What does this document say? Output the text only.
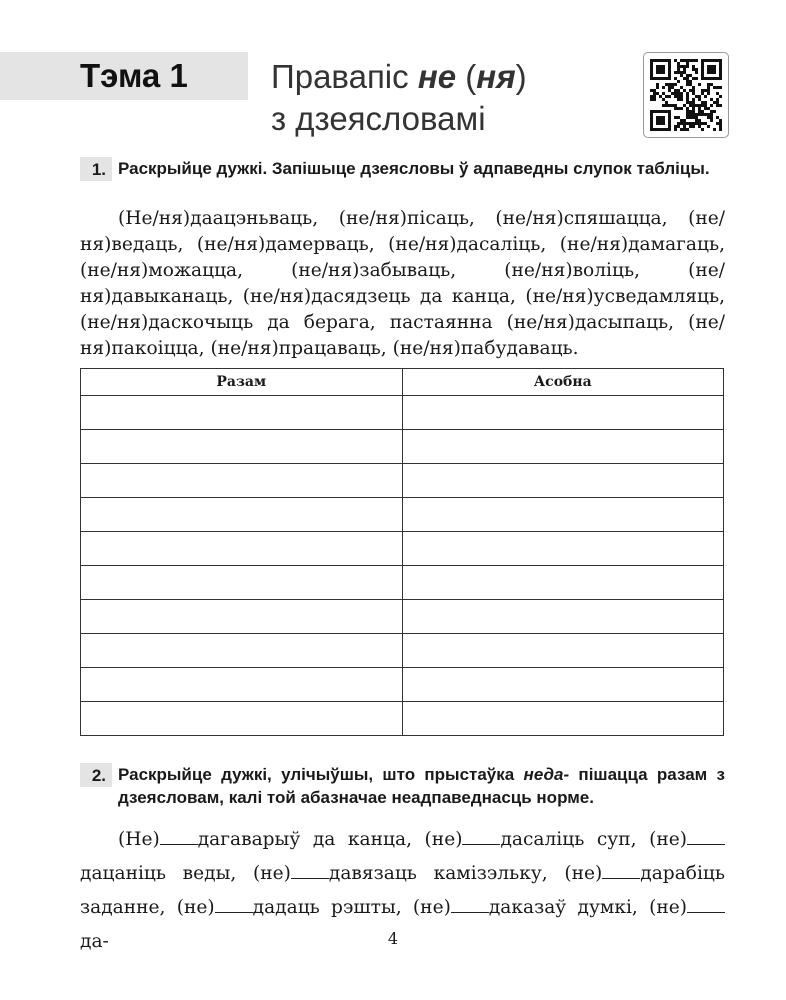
Тэма 1	Правапіс не (ня)
з дзеясловамі
1. Раскрыйце дужкі. Запішыце дзеясловы ў адпаведны слупок табліцы.

(Не/ня)даацэньваць, (не/ня)пісаць, (не/ня)спяшацца, (не/ня)ведаць, (не/ня)дамерваць, (не/ня)дасаліць, (не/ня)дамагаць, (не/ня)можацца, (не/ня)забываць, (не/ня)воліць, (не/ня)давыканаць, (не/ня)дасядзець да канца, (не/ня)усведамляць, (не/ня)даскочыць да берага, пастаянна (не/ня)дасыпаць, (не/ня)пакоіцца, (не/ня)працаваць, (не/ня)пабудаваць.

Разам	Асобна

2. Раскрыйце дужкі, улічыўшы, што прыстаўка неда- пішацца разам з дзеясловам, калі той абазначае неадпаведнасць норме.

(Не) дагаварыў да канца, (не) дасаліць суп, (не)дацаніць веды, (не) давязаць камізэльку, (не) дарабіць заданне, (не) дадаць рэшты, (не) даказаў думкі, (не)да-	4
